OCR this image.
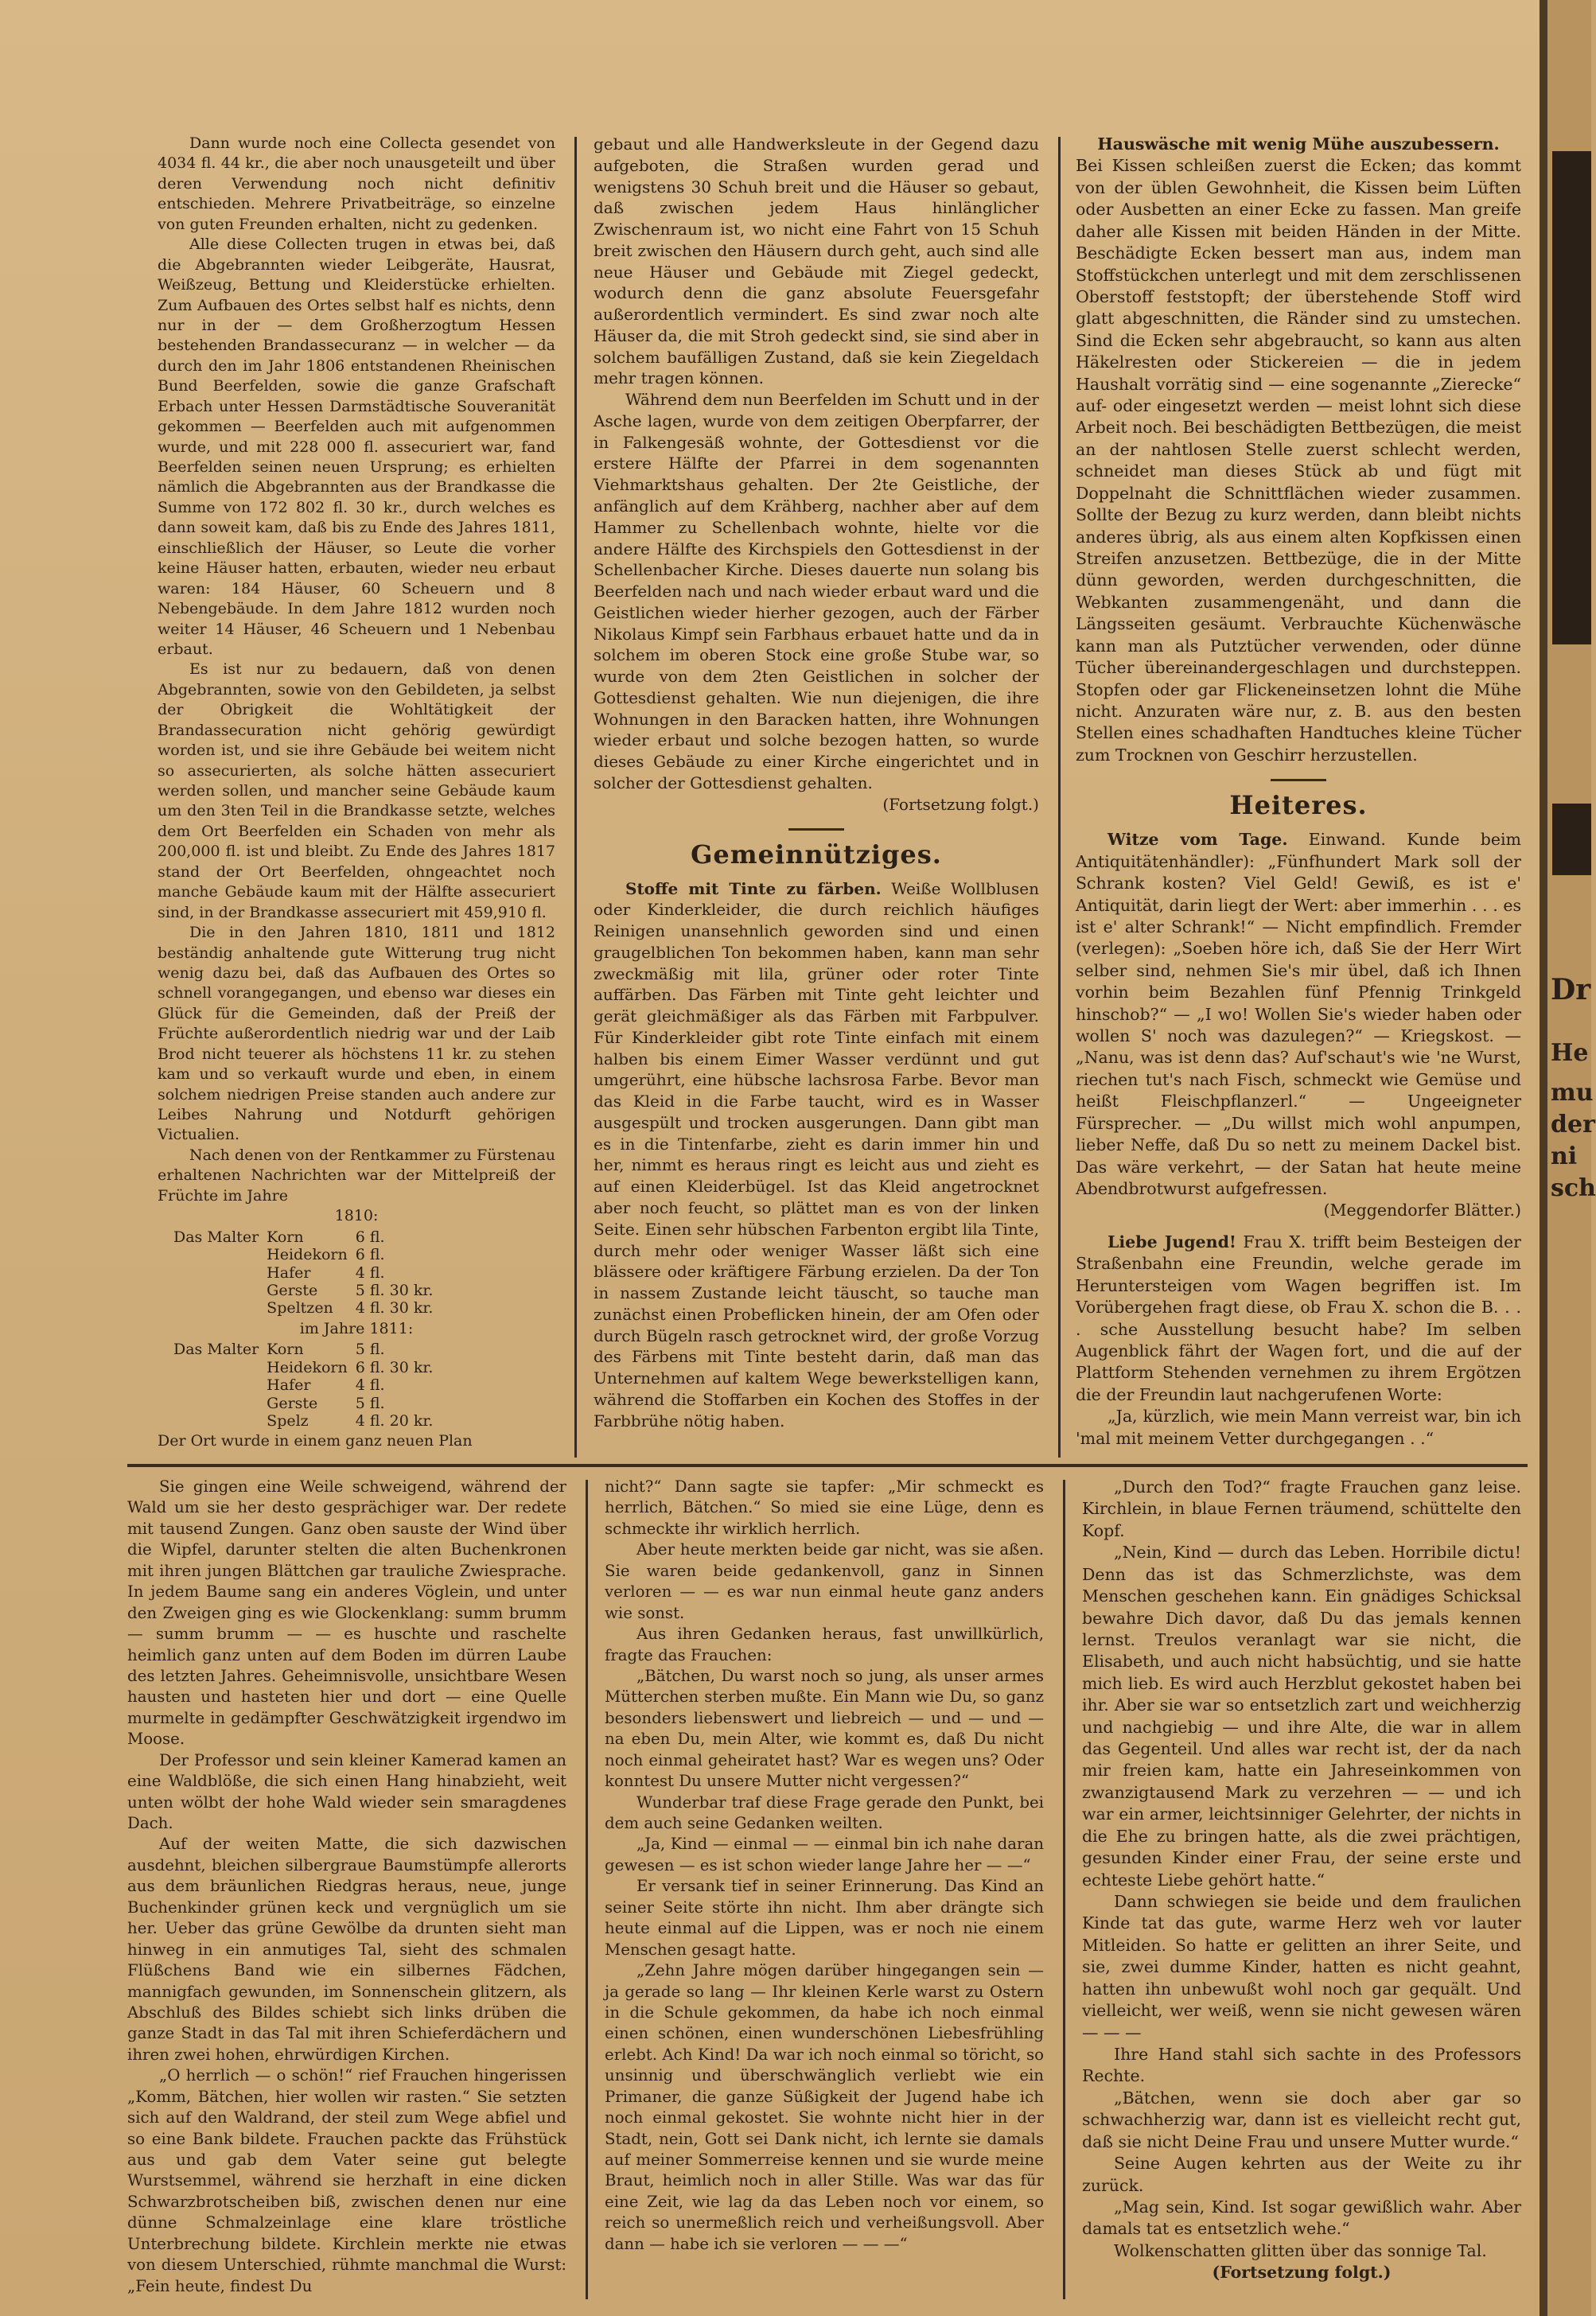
Dann wurde noch eine Collecta gesendet von 4034 fl. 44 kr., die aber noch unausgeteilt und über deren Verwendung noch nicht definitiv entschieden. Mehrere Privatbeiträge, so einzelne von guten Freunden erhalten, nicht zu gedenken.

Alle diese Collecten trugen in etwas bei, daß die Abgebrannten wieder Leibgeräte, Hausrat, Weißzeug, Bettung und Kleiderstücke erhielten. Zum Aufbauen des Ortes selbst half es nichts, denn nur in der — dem Großherzogtum Hessen bestehenden Brandassecuranz — in welcher — da durch den im Jahr 1806 entstandenen Rheinischen Bund Beerfelden, sowie die ganze Grafschaft Erbach unter Hessen Darmstädtische Souveranität gekommen — Beerfelden auch mit aufgenommen wurde, und mit 228 000 fl. assecuriert war, fand Beerfelden seinen neuen Ursprung; es erhielten nämlich die Abgebrannten aus der Brandkasse die Summe von 172 802 fl. 30 kr., durch welches es dann soweit kam, daß bis zu Ende des Jahres 1811, einschließlich der Häuser, so Leute die vorher keine Häuser hatten, erbauten, wieder neu erbaut waren: 184 Häuser, 60 Scheuern und 8 Nebengebäude. In dem Jahre 1812 wurden noch weiter 14 Häuser, 46 Scheuern und 1 Nebenbau erbaut.

Es ist nur zu bedauern, daß von denen Abgebrannten, sowie von den Gebildeten, ja selbst der Obrigkeit die Wohltätigkeit der Brandassecuration nicht gehörig gewürdigt worden ist, und sie ihre Gebäude bei weitem nicht so assecurierten, als solche hätten assecuriert werden sollen, und mancher seine Gebäude kaum um den 3ten Teil in die Brandkasse setzte, welches dem Ort Beerfelden ein Schaden von mehr als 200,000 fl. ist und bleibt. Zu Ende des Jahres 1817 stand der Ort Beerfelden, ohngeachtet noch manche Gebäude kaum mit der Hälfte assecuriert sind, in der Brandkasse assecuriert mit 459,910 fl.

Die in den Jahren 1810, 1811 und 1812 beständig anhaltende gute Witterung trug nicht wenig dazu bei, daß das Aufbauen des Ortes so schnell vorangegangen, und ebenso war dieses ein Glück für die Gemeinden, daß der Preiß der Früchte außerordentlich niedrig war und der Laib Brod nicht teuerer als höchstens 11 kr. zu stehen kam und so verkauft wurde und eben, in einem solchem niedrigen Preise standen auch andere zur Leibes Nahrung und Notdurft gehörigen Victualien.

Nach denen von der Rentkammer zu Fürstenau erhaltenen Nachrichten war der Mittelpreiß der Früchte im Jahre

1810:

Das Malter	Korn	6 fl.
	Heidekorn	6 fl.
	Hafer	4 fl.
	Gerste	5 fl. 30 kr.
	Speltzen	4 fl. 30 kr.

im Jahre 1811:

Das Malter	Korn	5 fl.
	Heidekorn	6 fl. 30 kr.
	Hafer	4 fl.
	Gerste	5 fl.
	Spelz	4 fl. 20 kr.

Der Ort wurde in einem ganz neuen Plan

gebaut und alle Handwerksleute in der Gegend dazu aufgeboten, die Straßen wurden gerad und wenigstens 30 Schuh breit und die Häuser so gebaut, daß zwischen jedem Haus hinlänglicher Zwischenraum ist, wo nicht eine Fahrt von 15 Schuh breit zwischen den Häusern durch geht, auch sind alle neue Häuser und Gebäude mit Ziegel gedeckt, wodurch denn die ganz absolute Feuersgefahr außerordentlich vermindert. Es sind zwar noch alte Häuser da, die mit Stroh gedeckt sind, sie sind aber in solchem baufälligen Zustand, daß sie kein Ziegeldach mehr tragen können.

Während dem nun Beerfelden im Schutt und in der Asche lagen, wurde von dem zeitigen Oberpfarrer, der in Falkengesäß wohnte, der Gottesdienst vor die erstere Hälfte der Pfarrei in dem sogenannten Viehmarktshaus gehalten. Der 2te Geistliche, der anfänglich auf dem Krähberg, nachher aber auf dem Hammer zu Schellenbach wohnte, hielte vor die andere Hälfte des Kirchspiels den Gottesdienst in der Schellenbacher Kirche. Dieses dauerte nun solang bis Beerfelden nach und nach wieder erbaut ward und die Geistlichen wieder hierher gezogen, auch der Färber Nikolaus Kimpf sein Farbhaus erbauet hatte und da in solchem im oberen Stock eine große Stube war, so wurde von dem 2ten Geistlichen in solcher der Gottesdienst gehalten. Wie nun diejenigen, die ihre Wohnungen in den Baracken hatten, ihre Wohnungen wieder erbaut und solche bezogen hatten, so wurde dieses Gebäude zu einer Kirche eingerichtet und in solcher der Gottesdienst gehalten.

(Fortsetzung folgt.)

Gemeinnütziges.

Stoffe mit Tinte zu färben. Weiße Wollblusen oder Kinderkleider, die durch reichlich häufiges Reinigen unansehnlich geworden sind und einen graugelblichen Ton bekommen haben, kann man sehr zweckmäßig mit lila, grüner oder roter Tinte auffärben. Das Färben mit Tinte geht leichter und gerät gleichmäßiger als das Färben mit Farbpulver. Für Kinderkleider gibt rote Tinte einfach mit einem halben bis einem Eimer Wasser verdünnt und gut umgerührt, eine hübsche lachsrosa Farbe. Bevor man das Kleid in die Farbe taucht, wird es in Wasser ausgespült und trocken ausgerungen. Dann gibt man es in die Tintenfarbe, zieht es darin immer hin und her, nimmt es heraus ringt es leicht aus und zieht es auf einen Kleiderbügel. Ist das Kleid angetrocknet aber noch feucht, so plättet man es von der linken Seite. Einen sehr hübschen Farbenton ergibt lila Tinte, durch mehr oder weniger Wasser läßt sich eine blässere oder kräftigere Färbung erzielen. Da der Ton in nassem Zustande leicht täuscht, so tauche man zunächst einen Probeflicken hinein, der am Ofen oder durch Bügeln rasch getrocknet wird, der große Vorzug des Färbens mit Tinte besteht darin, daß man das Unternehmen auf kaltem Wege bewerkstelligen kann, während die Stoffarben ein Kochen des Stoffes in der Farbbrühe nötig haben.

Hauswäsche mit wenig Mühe auszubessern.

Bei Kissen schleißen zuerst die Ecken; das kommt von der üblen Gewohnheit, die Kissen beim Lüften oder Ausbetten an einer Ecke zu fassen. Man greife daher alle Kissen mit beiden Händen in der Mitte. Beschädigte Ecken bessert man aus, indem man Stoffstückchen unterlegt und mit dem zerschlissenen Oberstoff feststopft; der überstehende Stoff wird glatt abgeschnitten, die Ränder sind zu umstechen. Sind die Ecken sehr abgebraucht, so kann aus alten Häkelresten oder Stickereien — die in jedem Haushalt vorrätig sind — eine sogenannte „Zierecke“ auf- oder eingesetzt werden — meist lohnt sich diese Arbeit noch. Bei beschädigten Bettbezügen, die meist an der nahtlosen Stelle zuerst schlecht werden, schneidet man dieses Stück ab und fügt mit Doppelnaht die Schnittflächen wieder zusammen. Sollte der Bezug zu kurz werden, dann bleibt nichts anderes übrig, als aus einem alten Kopfkissen einen Streifen anzusetzen. Bettbezüge, die in der Mitte dünn geworden, werden durchgeschnitten, die Webkanten zusammengenäht, und dann die Längsseiten gesäumt. Verbrauchte Küchenwäsche kann man als Putztücher verwenden, oder dünne Tücher übereinandergeschlagen und durchsteppen. Stopfen oder gar Flickeneinsetzen lohnt die Mühe nicht. Anzuraten wäre nur, z. B. aus den besten Stellen eines schadhaften Handtuches kleine Tücher zum Trocknen von Geschirr herzustellen.

Heiteres.

Witze vom Tage. Einwand. Kunde beim Antiquitätenhändler): „Fünfhundert Mark soll der Schrank kosten? Viel Geld! Gewiß, es ist e' Antiquität, darin liegt der Wert: aber immerhin . . . es ist e' alter Schrank!“ — Nicht empfindlich. Fremder (verlegen): „Soeben höre ich, daß Sie der Herr Wirt selber sind, nehmen Sie's mir übel, daß ich Ihnen vorhin beim Bezahlen fünf Pfennig Trinkgeld hinschob?“ — „I wo! Wollen Sie's wieder haben oder wollen S' noch was dazulegen?“ — Kriegskost. — „Nanu, was ist denn das? Auf'schaut's wie 'ne Wurst, riechen tut's nach Fisch, schmeckt wie Gemüse und heißt Fleischpflanzerl.“ — Ungeeigneter Fürsprecher. — „Du willst mich wohl anpumpen, lieber Neffe, daß Du so nett zu meinem Dackel bist. Das wäre verkehrt, — der Satan hat heute meine Abendbrotwurst aufgefressen.

(Meggendorfer Blätter.)

Liebe Jugend! Frau X. trifft beim Besteigen der Straßenbahn eine Freundin, welche gerade im Heruntersteigen vom Wagen begriffen ist. Im Vorübergehen fragt diese, ob Frau X. schon die B. . . . sche Ausstellung besucht habe? Im selben Augenblick fährt der Wagen fort, und die auf der Plattform Stehenden vernehmen zu ihrem Ergötzen die der Freundin laut nachgerufenen Worte:

„Ja, kürzlich, wie mein Mann verreist war, bin ich 'mal mit meinem Vetter durchgegangen . .“

Sie gingen eine Weile schweigend, während der Wald um sie her desto gesprächiger war. Der redete mit tausend Zungen. Ganz oben sauste der Wind über die Wipfel, darunter stelten die alten Buchenkronen mit ihren jungen Blättchen gar trauliche Zwiesprache. In jedem Baume sang ein anderes Vöglein, und unter den Zweigen ging es wie Glockenklang: summ brumm — summ brumm — — es huschte und raschelte heimlich ganz unten auf dem Boden im dürren Laube des letzten Jahres. Geheimnisvolle, unsichtbare Wesen hausten und hasteten hier und dort — eine Quelle murmelte in gedämpfter Geschwätzigkeit irgendwo im Moose.

Der Professor und sein kleiner Kamerad kamen an eine Waldblöße, die sich einen Hang hinabzieht, weit unten wölbt der hohe Wald wieder sein smaragdenes Dach.

Auf der weiten Matte, die sich dazwischen ausdehnt, bleichen silbergraue Baumstümpfe allerorts aus dem bräunlichen Riedgras heraus, neue, junge Buchenkinder grünen keck und vergnüglich um sie her. Ueber das grüne Gewölbe da drunten sieht man hinweg in ein anmutiges Tal, sieht des schmalen Flüßchens Band wie ein silbernes Fädchen, mannigfach gewunden, im Sonnenschein glitzern, als Abschluß des Bildes schiebt sich links drüben die ganze Stadt in das Tal mit ihren Schieferdächern und ihren zwei hohen, ehrwürdigen Kirchen.

„O herrlich — o schön!“ rief Frauchen hingerissen „Komm, Bätchen, hier wollen wir rasten.“ Sie setzten sich auf den Waldrand, der steil zum Wege abfiel und so eine Bank bildete. Frauchen packte das Frühstück aus und gab dem Vater seine gut belegte Wurstsemmel, während sie herzhaft in eine dicken Schwarzbrotscheiben biß, zwischen denen nur eine dünne Schmalzeinlage eine klare tröstliche Unterbrechung bildete. Kirchlein merkte nie etwas von diesem Unterschied, rühmte manchmal die Wurst: „Fein heute, findest Du

nicht?“ Dann sagte sie tapfer: „Mir schmeckt es herrlich, Bätchen.“ So mied sie eine Lüge, denn es schmeckte ihr wirklich herrlich.

Aber heute merkten beide gar nicht, was sie aßen. Sie waren beide gedankenvoll, ganz in Sinnen verloren — — es war nun einmal heute ganz anders wie sonst.

Aus ihren Gedanken heraus, fast unwillkürlich, fragte das Frauchen:

„Bätchen, Du warst noch so jung, als unser armes Mütterchen sterben mußte. Ein Mann wie Du, so ganz besonders liebenswert und liebreich — und — und — na eben Du, mein Alter, wie kommt es, daß Du nicht noch einmal geheiratet hast? War es wegen uns? Oder konntest Du unsere Mutter nicht vergessen?“

Wunderbar traf diese Frage gerade den Punkt, bei dem auch seine Gedanken weilten.

„Ja, Kind — einmal — — einmal bin ich nahe daran gewesen — es ist schon wieder lange Jahre her — —“

Er versank tief in seiner Erinnerung. Das Kind an seiner Seite störte ihn nicht. Ihm aber drängte sich heute einmal auf die Lippen, was er noch nie einem Menschen gesagt hatte.

„Zehn Jahre mögen darüber hingegangen sein — ja gerade so lang — Ihr kleinen Kerle warst zu Ostern in die Schule gekommen, da habe ich noch einmal einen schönen, einen wunderschönen Liebesfrühling erlebt. Ach Kind! Da war ich noch einmal so töricht, so unsinnig und überschwänglich verliebt wie ein Primaner, die ganze Süßigkeit der Jugend habe ich noch einmal gekostet. Sie wohnte nicht hier in der Stadt, nein, Gott sei Dank nicht, ich lernte sie damals auf meiner Sommerreise kennen und sie wurde meine Braut, heimlich noch in aller Stille. Was war das für eine Zeit, wie lag da das Leben noch vor einem, so reich so unermeßlich reich und verheißungsvoll. Aber dann — habe ich sie verloren — — —“

„Durch den Tod?“ fragte Frauchen ganz leise. Kirchlein, in blaue Fernen träumend, schüttelte den Kopf.

„Nein, Kind — durch das Leben. Horribile dictu! Denn das ist das Schmerzlichste, was dem Menschen geschehen kann. Ein gnädiges Schicksal bewahre Dich davor, daß Du das jemals kennen lernst. Treulos veranlagt war sie nicht, die Elisabeth, und auch nicht habsüchtig, und sie hatte mich lieb. Es wird auch Herzblut gekostet haben bei ihr. Aber sie war so entsetzlich zart und weichherzig und nachgiebig — und ihre Alte, die war in allem das Gegenteil. Und alles war recht ist, der da nach mir freien kam, hatte ein Jahreseinkommen von zwanzigtausend Mark zu verzehren — — und ich war ein armer, leichtsinniger Gelehrter, der nichts in die Ehe zu bringen hatte, als die zwei prächtigen, gesunden Kinder einer Frau, der seine erste und echteste Liebe gehört hatte.“

Dann schwiegen sie beide und dem fraulichen Kinde tat das gute, warme Herz weh vor lauter Mitleiden. So hatte er gelitten an ihrer Seite, und sie, zwei dumme Kinder, hatten es nicht geahnt, hatten ihn unbewußt wohl noch gar gequält. Und vielleicht, wer weiß, wenn sie nicht gewesen wären — — —

Ihre Hand stahl sich sachte in des Professors Rechte.

„Bätchen, wenn sie doch aber gar so schwachherzig war, dann ist es vielleicht recht gut, daß sie nicht Deine Frau und unsere Mutter wurde.“

Seine Augen kehrten aus der Weite zu ihr zurück.

„Mag sein, Kind. Ist sogar gewißlich wahr. Aber damals tat es entsetzlich wehe.“

Wolkenschatten glitten über das sonnige Tal.

(Fortsetzung folgt.)

Dr
He
mu
der
ni
sch
